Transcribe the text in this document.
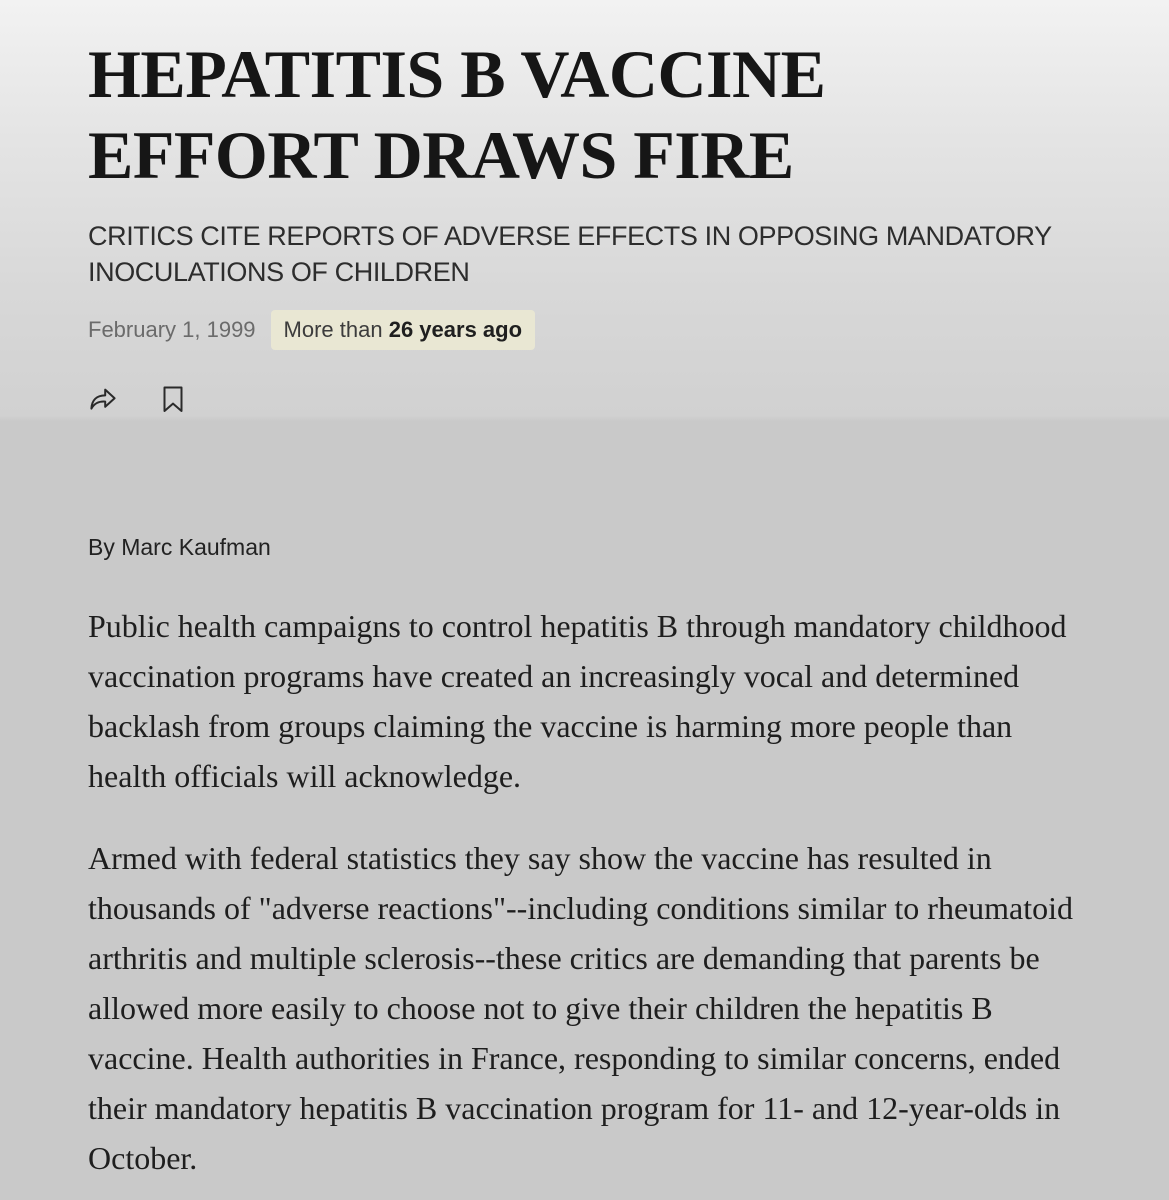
HEPATITIS B VACCINE
EFFORT DRAWS FIRE
CRITICS CITE REPORTS OF ADVERSE EFFECTS IN OPPOSING MANDATORY
INOCULATIONS OF CHILDREN
February 1, 1999	More than 26 years ago
By Marc Kaufman

Public health campaigns to control hepatitis B through mandatory childhood vaccination programs have created an increasingly vocal and determined backlash from groups claiming the vaccine is harming more people than health officials will acknowledge.

Armed with federal statistics they say show the vaccine has resulted in thousands of "adverse reactions"--including conditions similar to rheumatoid arthritis and multiple sclerosis--these critics are demanding that parents be allowed more easily to choose not to give their children the hepatitis B vaccine. Health authorities in France, responding to similar concerns, ended their mandatory hepatitis B vaccination program for 11- and 12-year-olds in October.
